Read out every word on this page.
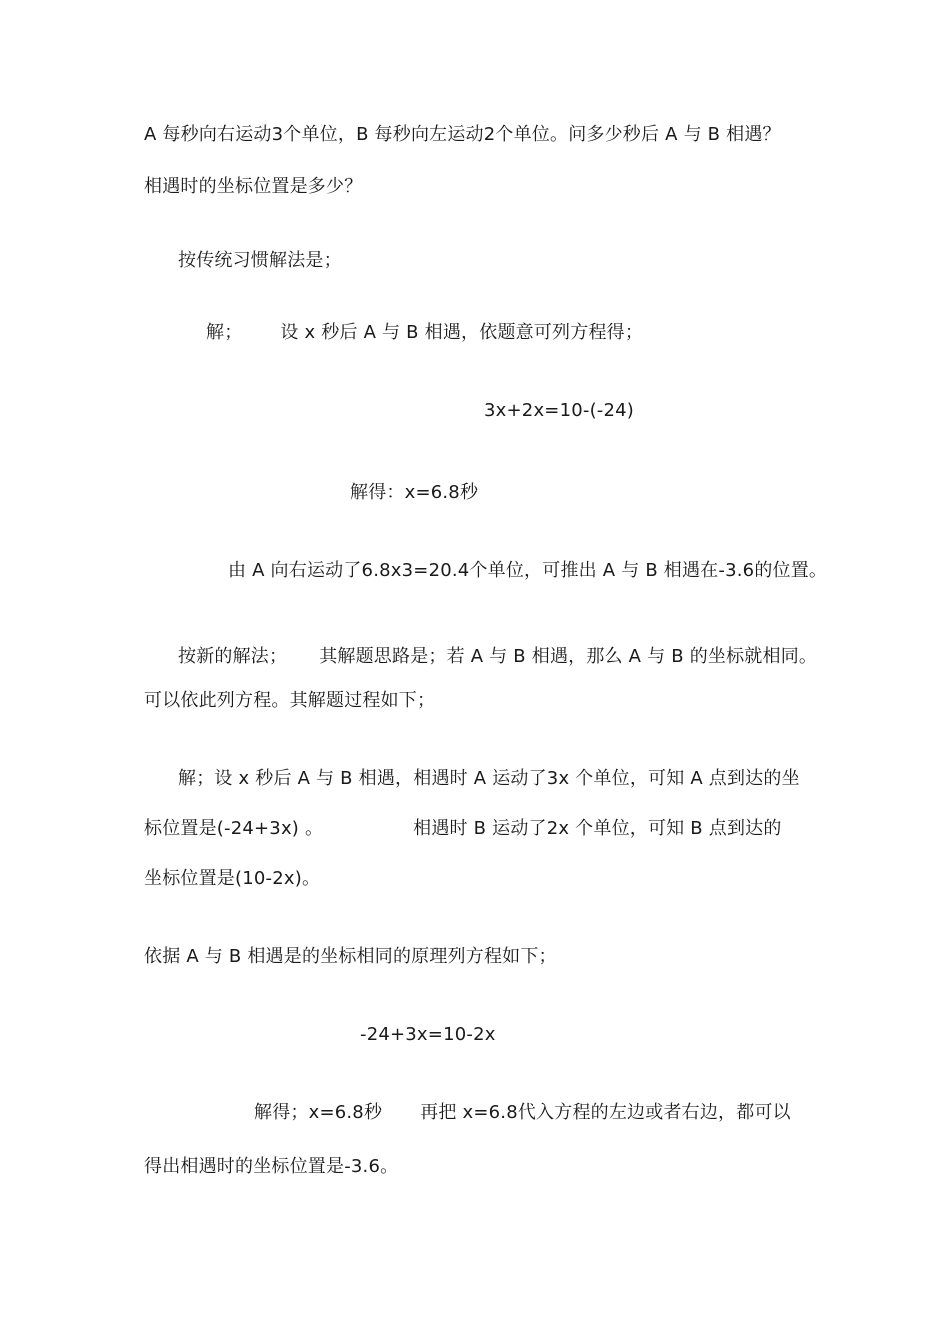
A 每秒向右运动3个单位，B 每秒向左运动2个单位。问多少秒后 A 与 B 相遇？
相遇时的坐标位置是多少？
按传统习惯解法是；
解； 设 x 秒后 A 与 B 相遇，依题意可列方程得；
3x+2x=10-(-24)
解得：x=6.8秒
由 A 向右运动了6.8x3=20.4个单位，可推出 A 与 B 相遇在-3.6的位置。
按新的解法； 其解题思路是；若 A 与 B 相遇，那么 A 与 B 的坐标就相同。
可以依此列方程。其解题过程如下；
解；设 x 秒后 A 与 B 相遇，相遇时 A 运动了3x 个单位，可知 A 点到达的坐
标位置是(-24+3x) 。	相遇时 B 运动了2x 个单位，可知 B 点到达的
坐标位置是(10-2x)。
依据 A 与 B 相遇是的坐标相同的原理列方程如下；
-24+3x=10-2x
解得；x=6.8秒 再把 x=6.8代入方程的左边或者右边，都可以
得出相遇时的坐标位置是-3.6。
